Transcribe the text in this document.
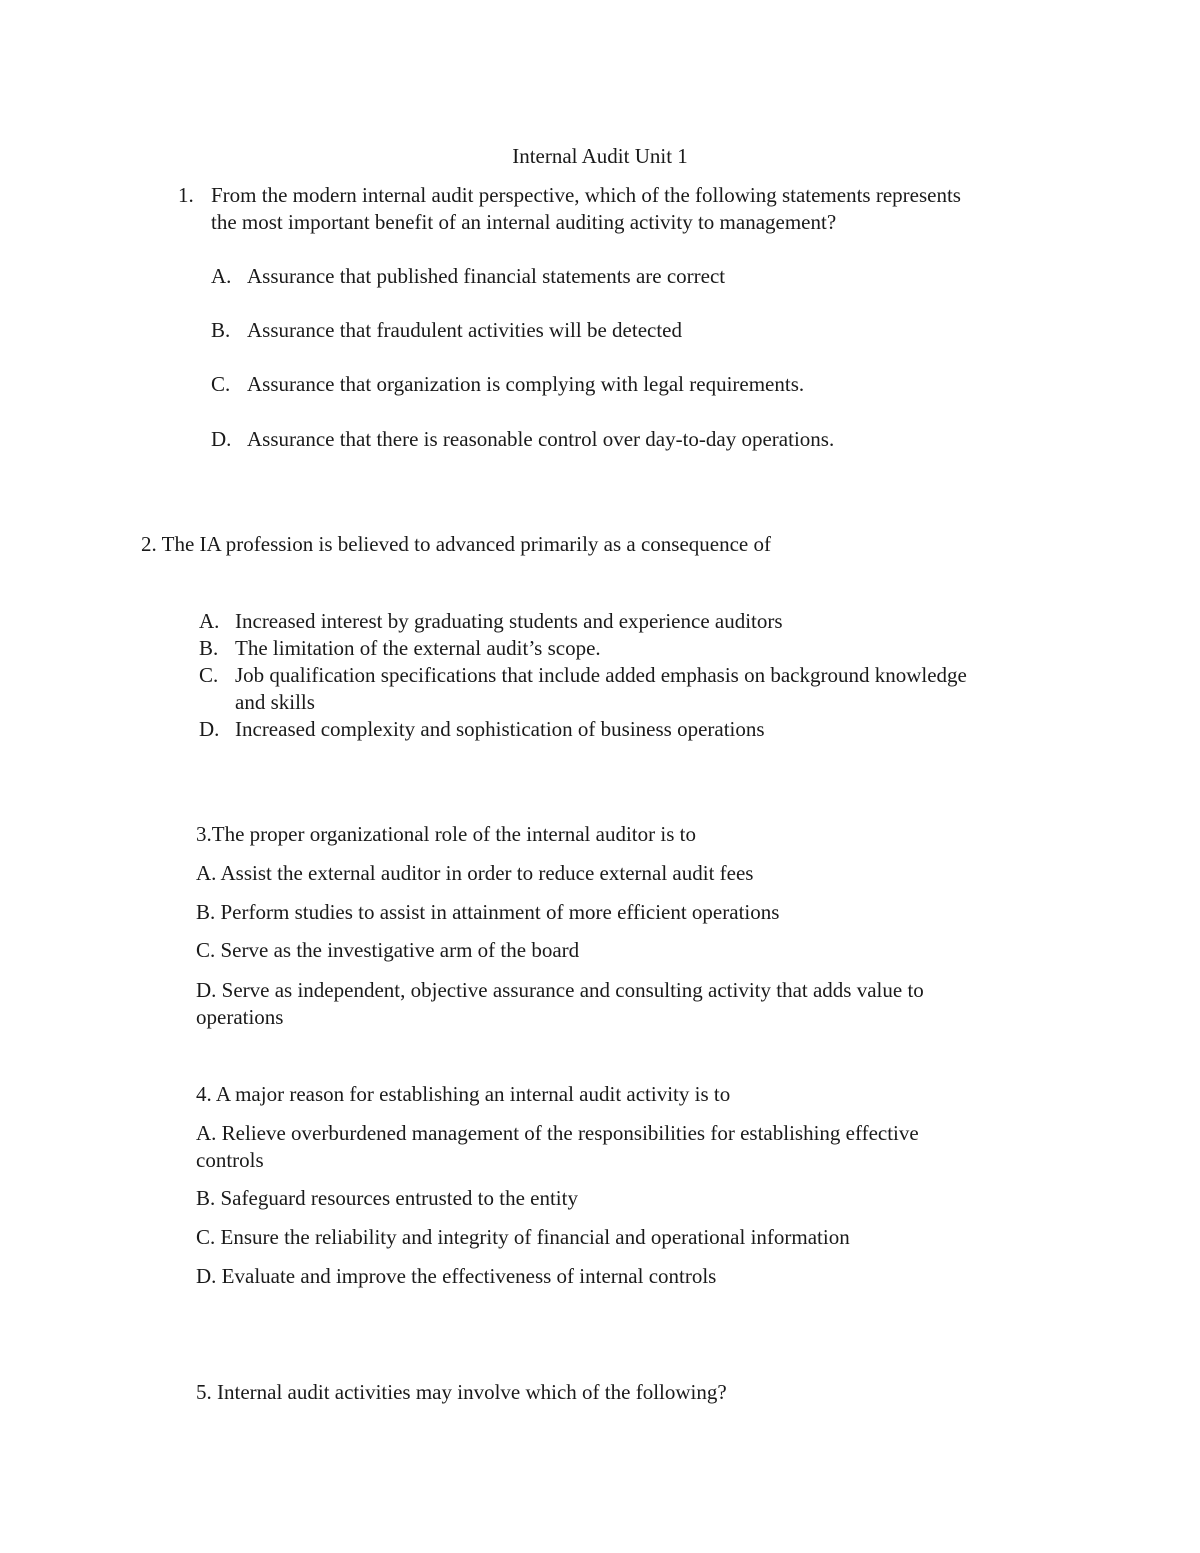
Internal Audit Unit 1
1. From the modern internal audit perspective, which of the following statements represents
the most important benefit of an internal auditing activity to management?
A. Assurance that published financial statements are correct
B. Assurance that fraudulent activities will be detected
C. Assurance that organization is complying with legal requirements.
D. Assurance that there is reasonable control over day-to-day operations.
2. The IA profession is believed to advanced primarily as a consequence of
A. Increased interest by graduating students and experience auditors
B. The limitation of the external audit’s scope.
C. Job qualification specifications that include added emphasis on background knowledge
and skills
D. Increased complexity and sophistication of business operations
3.The proper organizational role of the internal auditor is to
A. Assist the external auditor in order to reduce external audit fees
B. Perform studies to assist in attainment of more efficient operations
C. Serve as the investigative arm of the board
D. Serve as independent, objective assurance and consulting activity that adds value to
operations
4. A major reason for establishing an internal audit activity is to
A. Relieve overburdened management of the responsibilities for establishing effective
controls
B. Safeguard resources entrusted to the entity
C. Ensure the reliability and integrity of financial and operational information
D. Evaluate and improve the effectiveness of internal controls
5. Internal audit activities may involve which of the following?
